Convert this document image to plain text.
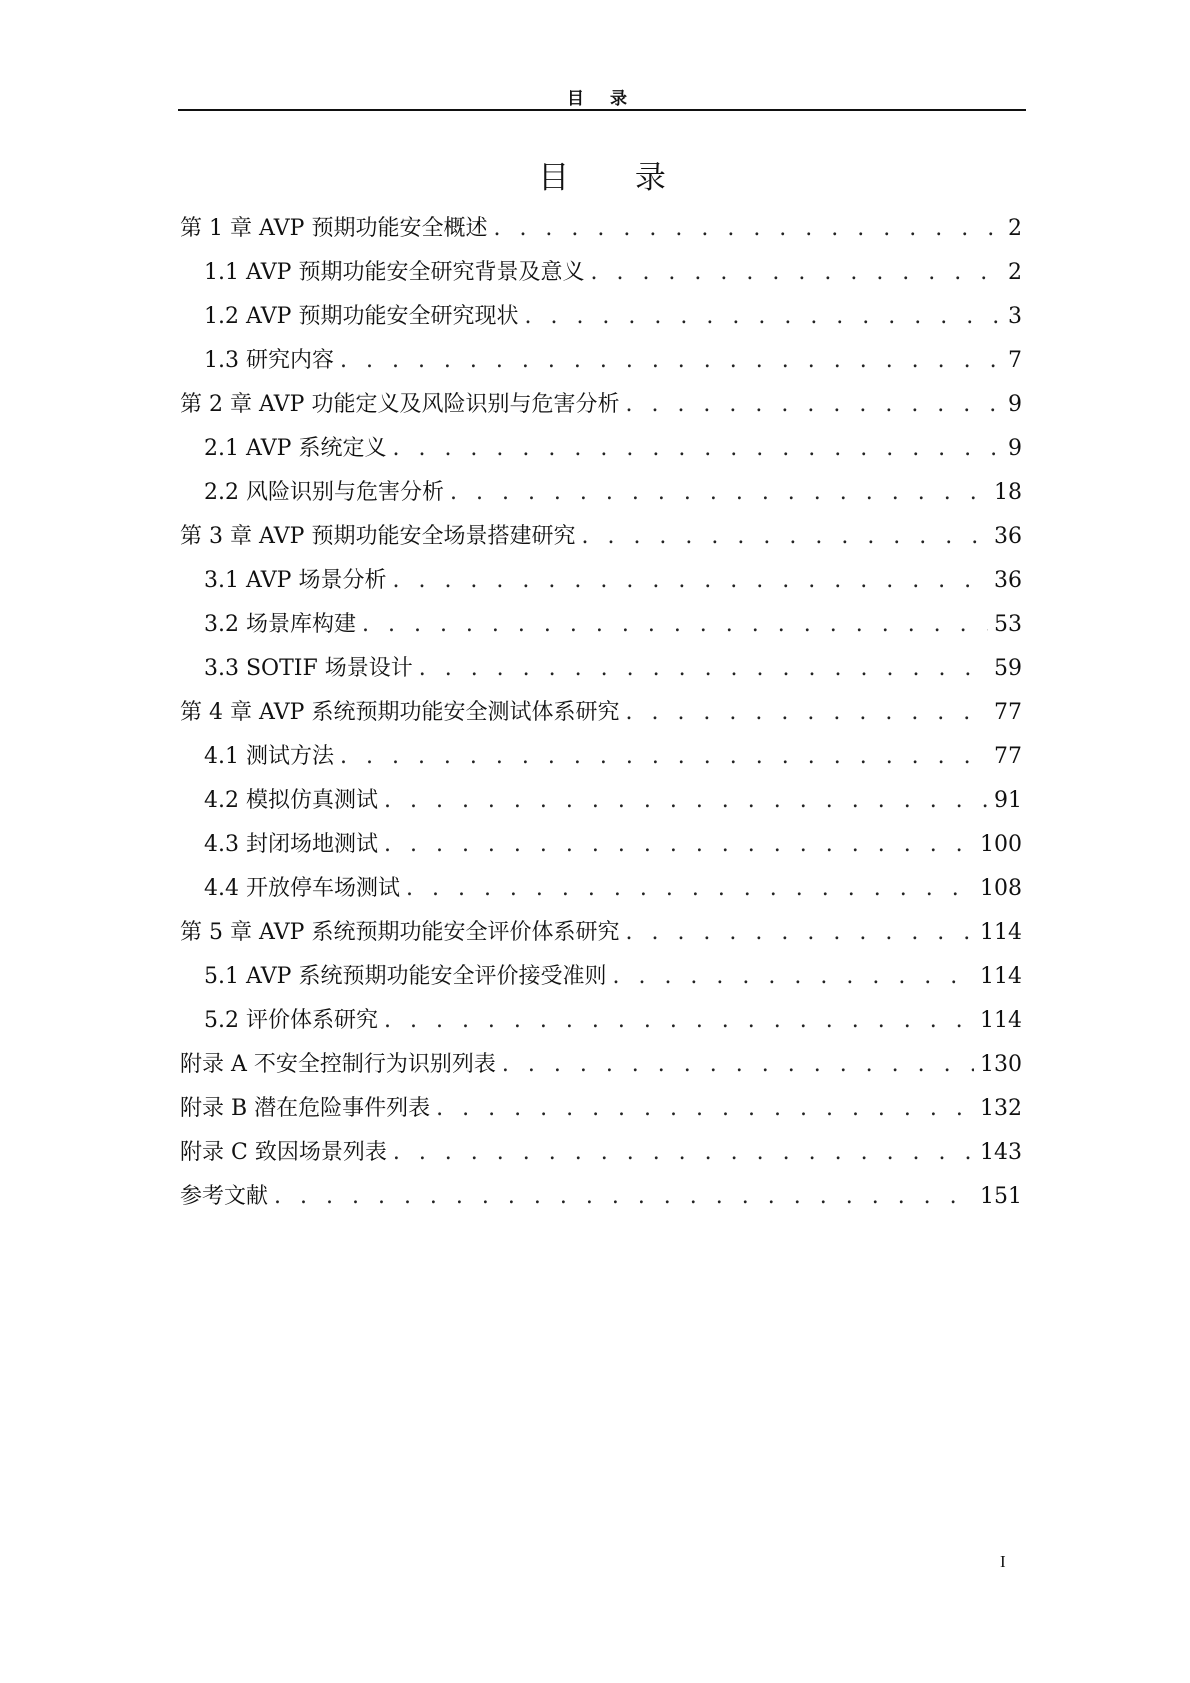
目 录
目 录
第 1 章 AVP 预期功能安全概述 . . .	2
1.1 AVP 预期功能安全研究背景及意义 . . .	2
1.2 AVP 预期功能安全研究现状 . . .	3
1.3 研究内容 . . .	7
第 2 章 AVP 功能定义及风险识别与危害分析 . . .	9
2.1 AVP 系统定义 . . .	9
2.2 风险识别与危害分析 . . .	18
第 3 章 AVP 预期功能安全场景搭建研究 . . .	36
3.1 AVP 场景分析 . . .	36
3.2 场景库构建 . . .	53
3.3 SOTIF 场景设计 . . .	59
第 4 章 AVP 系统预期功能安全测试体系研究 . . .	77
4.1 测试方法 . . .	77
4.2 模拟仿真测试 . . .	91
4.3 封闭场地测试 . . .	100
4.4 开放停车场测试 . . .	108
第 5 章 AVP 系统预期功能安全评价体系研究 . . .	114
5.1 AVP 系统预期功能安全评价接受准则 . . .	114
5.2 评价体系研究 . . .	114
附录 A 不安全控制行为识别列表 . . .	130
附录 B 潜在危险事件列表 . . .	132
附录 C 致因场景列表 . . .	143
参考文献 . . .	151
I
